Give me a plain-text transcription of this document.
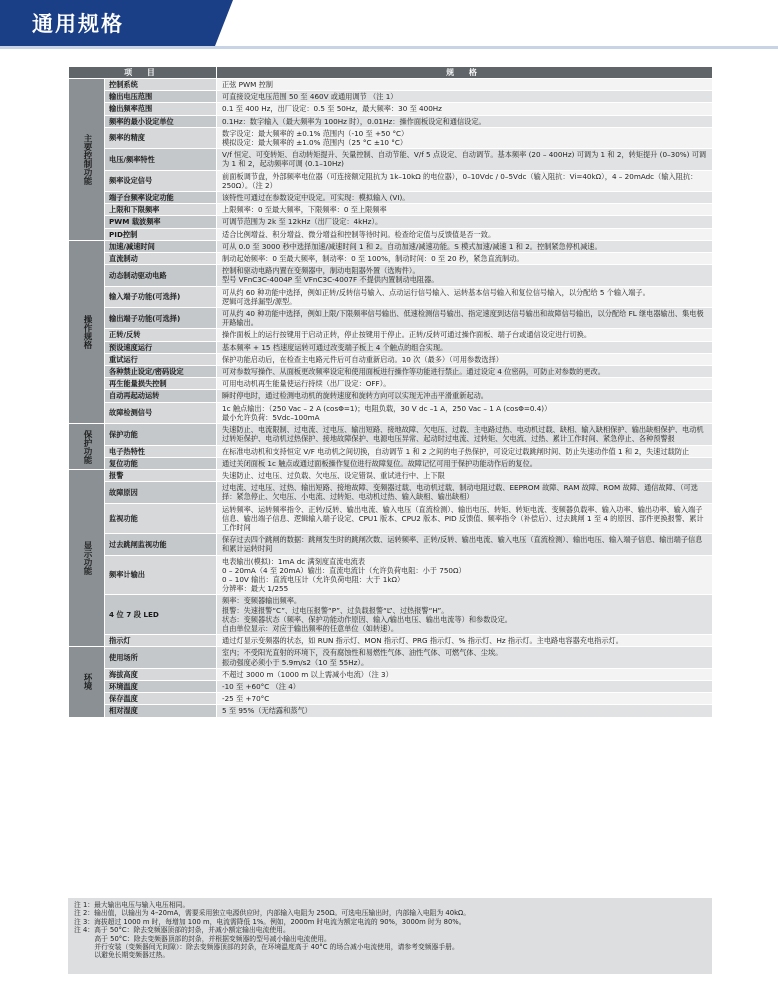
通用规格
项 目		规 格
主要控制功能	控制系统	正弦 PWM 控制
	输出电压范围	可直接设定电压范围 50 至 460V 或通用调节 （注 1）
	输出频率范围	0.1 至 400 Hz，出厂设定：0.5 至 50Hz，最大频率：30 至 400Hz
	频率的最小设定单位	0.1Hz：数字输入（最大频率为 100Hz 时），0.01Hz：操作面板设定和通信设定。
	频率的精度	数字设定：最大频率的 ±0.1% 范围内（-10 至 +50 °C）
模拟设定：最大频率的 ±1.0% 范围内（25 °C ±10 °C）
	电压/频率特性	V/f 恒定、可变转矩、自动转矩提升、矢量控制、自动节能、V/f 5 点设定、自动调节。基本频率 (20 – 400Hz) 可调为 1 和 2，转矩提升 (0–30%) 可调为 1 和 2，起动频率可调 (0.1–10Hz)
	频率设定信号	前面板调节盘，外部频率电位器（可连接额定阻抗为 1k–10kΩ 的电位器），0–10Vdc / 0–5Vdc（输入阻抗：Vi=40kΩ），4 – 20mAdc（输入阻抗：250Ω）。（注 2）
	端子台频率设定功能	该特性可通过在参数设定中设定。可实现：模拟输入 (VI)。
	上限和下限频率	上限频率：0 至最大频率，下限频率：0 至上限频率
	PWM 载波频率	可调节范围为 2k 至 12kHz（出厂设定：4kHz）。
	PID控制	适合比例增益、积分增益、微分增益和控制等待时间。检查给定值与反馈值是否一致。
操作规格	加速/减速时间	可从 0.0 至 3000 秒中选择加速/减速时间 1 和 2。自动加速/减速功能。S 模式加速/减速 1 和 2。控制紧急停机减速。
	直流制动	制动起始频率：0 至最大频率，制动率：0 至 100%，制动时间：0 至 20 秒，紧急直流制动。
	动态制动驱动电路	控制和驱动电路内置在变频器中，制动电阻器外置（选购件）。
型号 VFnC3C-4004P 至 VFnC3C-4007F 不提供内置制动电阻器。
	输入端子功能(可选择)	可从约 60 种功能中选择，例如正转/反转信号输入、点动运行信号输入、运转基本信号输入和复位信号输入，以分配给 5 个输入端子。
逻辑可选择漏型/源型。
	输出端子功能(可选择)	可从约 40 种功能中选择，例如上限/下限频率信号输出、低速检测信号输出、指定速度到达信号输出和故障信号输出，以分配给 FL 继电器输出、集电极开路输出。
	正转/反转	操作面板上的运行按键用于启动正转，停止按键用于停止。正转/反转可通过操作面板、端子台或通信设定进行切换。
	预设速度运行	基本频率 + 15 档速度运转可通过改变端子板上 4 个触点的组合实现。
	重试运行	保护功能启动后，在检查主电路元件后可自动重新启动。10 次（最多）（可用参数选择）
	各种禁止设定/密码设定	可对参数写操作、从面板更改频率设定和使用面板进行操作等功能进行禁止。通过设定 4 位密码，可防止对参数的更改。
	再生能量损失控制	可用电动机再生能量使运行持续（出厂设定：OFF）。
	自动再起动运转	瞬时停电时，通过检测电动机的旋转速度和旋转方向可以实现无冲击平滑重新起动。
	故障检测信号	1c 触点输出：（250 Vac – 2 A (cosΦ=1)；电阻负载，30 V dc –1 A，250 Vac – 1 A (cosΦ=0.4)）
最小允许负荷：5Vdc–100mA
保护功能	保护功能	失速防止、电流限制、过电流、过电压、输出短路、接地故障、欠电压、过载、主电路过热、电动机过载、缺相、输入缺相保护、输出缺相保护、电动机过转矩保护、电动机过热保护、接地故障保护、电源电压异常、起动时过电流、过转矩、欠电流、过热、累计工作时间、紧急停止、各种预警报
	电子热特性	在标准电动机和支持恒定 V/F 电动机之间切换，自动调节 1 和 2 之间的电子热保护，可设定过载跳闸时间、防止失速动作值 1 和 2，失速过载防止
	复位功能	通过关闭面板 1c 触点或通过面板操作复位进行故障复位。故障记忆可用于保护功能动作后的复位。
显示功能	报警	失速防止、过电压、过负载、欠电压、设定错误、重试进行中、上下限
	故障原因	过电流、过电压、过热、输出短路、接地故障、变频器过载、电动机过载、制动电阻过载、EEPROM 故障、RAM 故障、ROM 故障、通信故障、（可选择：紧急停止、欠电压、小电流、过转矩、电动机过热、输入缺相、输出缺相）
	监视功能	运转频率、运转频率指令、正转/反转、输出电流、输入电压（直流检测）、输出电压、转矩、转矩电流、变频器负载率、输入功率、输出功率、输入端子信息、输出端子信息、逻辑输入端子设定、CPU1 版本、CPU2 版本、PID 反馈值、频率指令（补偿后）、过去跳闸 1 至 4 的原因、部件更换报警、累计工作时间
	过去跳闸监视功能	保存过去四个跳闸的数据：跳闸发生时的跳闸次数、运转频率、正转/反转、输出电流、输入电压（直流检测）、输出电压、输入端子信息、输出端子信息和累计运转时间
	频率计输出	电表输出(模拟)：1mA dc 满刻度直流电流表
0 – 20mA（4 至 20mA）输出：直流电流计（允许负荷电阻：小于 750Ω）
0 – 10V 输出：直流电压计（允许负荷电阻：大于 1kΩ）
分辨率：最大 1/255
	4 位 7 段 LED	频率：变频器输出频率。
报警：失速报警“C”、过电压报警“P”、过负载报警“L”、过热报警“H”。
状态：变频器状态（频率、保护功能动作原因、输入/输出电压、输出电流等）和参数设定。
自由单位显示：对应于输出频率的任意单位（如转速）。
	指示灯	通过灯显示变频器的状态，如 RUN 指示灯、MON 指示灯、PRG 指示灯、% 指示灯、Hz 指示灯。主电路电容器充电指示灯。
环境	使用场所	室内；不受阳光直射的环境下，没有腐蚀性和易燃性气体、油性气体、可燃气体、尘埃。
振动强度必须小于 5.9m/s2（10 至 55Hz）。
	海拔高度	不超过 3000 m（1000 m 以上需减小电流）（注 3）
	环境温度	-10 至 +60°C （注 4）
	保存温度	-25 至 +70°C
	相对湿度	5 至 95%（无结露和蒸气）
注 1：最大输出电压与输入电压相同。
注 2：输出值，以输出为 4–20mA，需要采用独立电源供应时，内部输入电阻为 250Ω。可选电压输出时，内部输入电阻为 40kΩ。
注 3：海拔超过 1000 m 时，每增加 100 m，电流需降低 1%。例如，2000m 时电流为额定电流的 90%，3000m 时为 80%。
注 4：高于 50°C：除去变频器顶部的封条，并减小额定输出电流使用。
　　　高于 50°C：除去变频器顶部的封条，并根据变频器的型号减小输出电流使用。
　　　并行安装（变频器间无间隙）：除去变频器顶部的封条，在环境温度高于 40°C 的场合减小电流使用，请参考变频器手册。
　　　以避免长期变频器过热。
